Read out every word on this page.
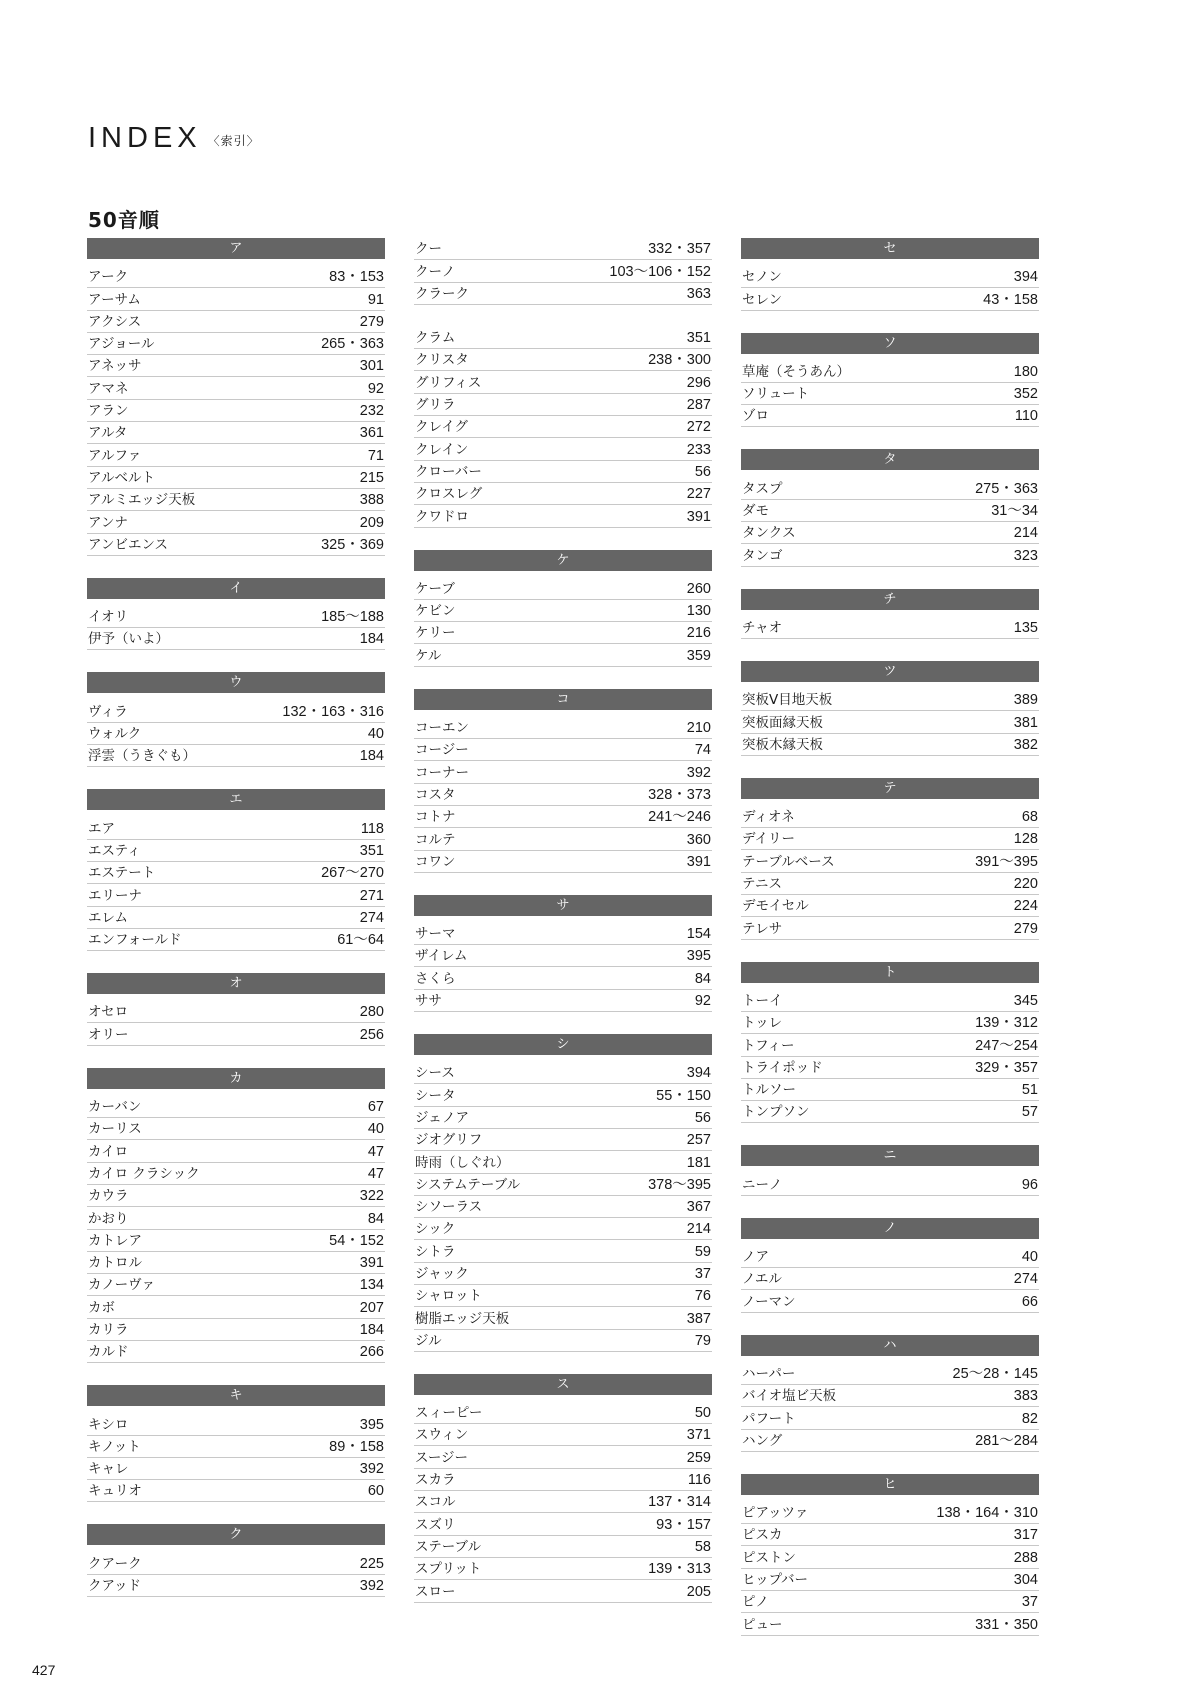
INDEX 〈索引〉
50音順
ア
アーク	83・153
アーサム	91
アクシス	279
アジョール	265・363
アネッサ	301
アマネ	92
アラン	232
アルタ	361
アルファ	71
アルベルト	215
アルミエッジ天板	388
アンナ	209
アンビエンス	325・369
イ
イオリ	185〜188
伊予（いよ）	184
ウ
ヴィラ	132・163・316
ウォルク	40
浮雲（うきぐも）	184
エ
エア	118
エスティ	351
エステート	267〜270
エリーナ	271
エレム	274
エンフォールド	61〜64
オ
オセロ	280
オリー	256
カ
カーバン	67
カーリス	40
カイロ	47
カイロ クラシック	47
カウラ	322
かおり	84
カトレア	54・152
カトロル	391
カノーヴァ	134
カボ	207
カリラ	184
カルド	266
キ
キシロ	395
キノット	89・158
キャレ	392
キュリオ	60
ク
クアーク	225
クアッド	392
クー	332・357
クーノ	103〜106・152
クラーク	363
クラム	351
クリスタ	238・300
グリフィス	296
グリラ	287
クレイグ	272
クレイン	233
クローバー	56
クロスレグ	227
クワドロ	391
ケ
ケーブ	260
ケビン	130
ケリー	216
ケル	359
コ
コーエン	210
コージー	74
コーナー	392
コスタ	328・373
コトナ	241〜246
コルテ	360
コワン	391
サ
サーマ	154
ザイレム	395
さくら	84
ササ	92
シ
シース	394
シータ	55・150
ジェノア	56
ジオグリフ	257
時雨（しぐれ）	181
システムテーブル	378〜395
シソーラス	367
シック	214
シトラ	59
ジャック	37
シャロット	76
樹脂エッジ天板	387
ジル	79
ス
スィーピー	50
スウィン	371
スージー	259
スカラ	116
スコル	137・314
スズリ	93・157
ステーブル	58
スプリット	139・313
スロー	205
セ
セノン	394
セレン	43・158
ソ
草庵（そうあん）	180
ソリュート	352
ゾロ	110
タ
タスプ	275・363
ダモ	31〜34
タンクス	214
タンゴ	323
チ
チャオ	135
ツ
突板V目地天板	389
突板面縁天板	381
突板木縁天板	382
テ
ディオネ	68
デイリー	128
テーブルベース	391〜395
テニス	220
デモイセル	224
テレサ	279
ト
トーイ	345
トッレ	139・312
トフィー	247〜254
トライポッド	329・357
トルソー	51
トンプソン	57
ニ
ニーノ	96
ノ
ノア	40
ノエル	274
ノーマン	66
ハ
ハーパー	25〜28・145
バイオ塩ビ天板	383
パフート	82
ハング	281〜284
ヒ
ピアッツァ	138・164・310
ピスカ	317
ピストン	288
ヒップバー	304
ピノ	37
ピュー	331・350
427
